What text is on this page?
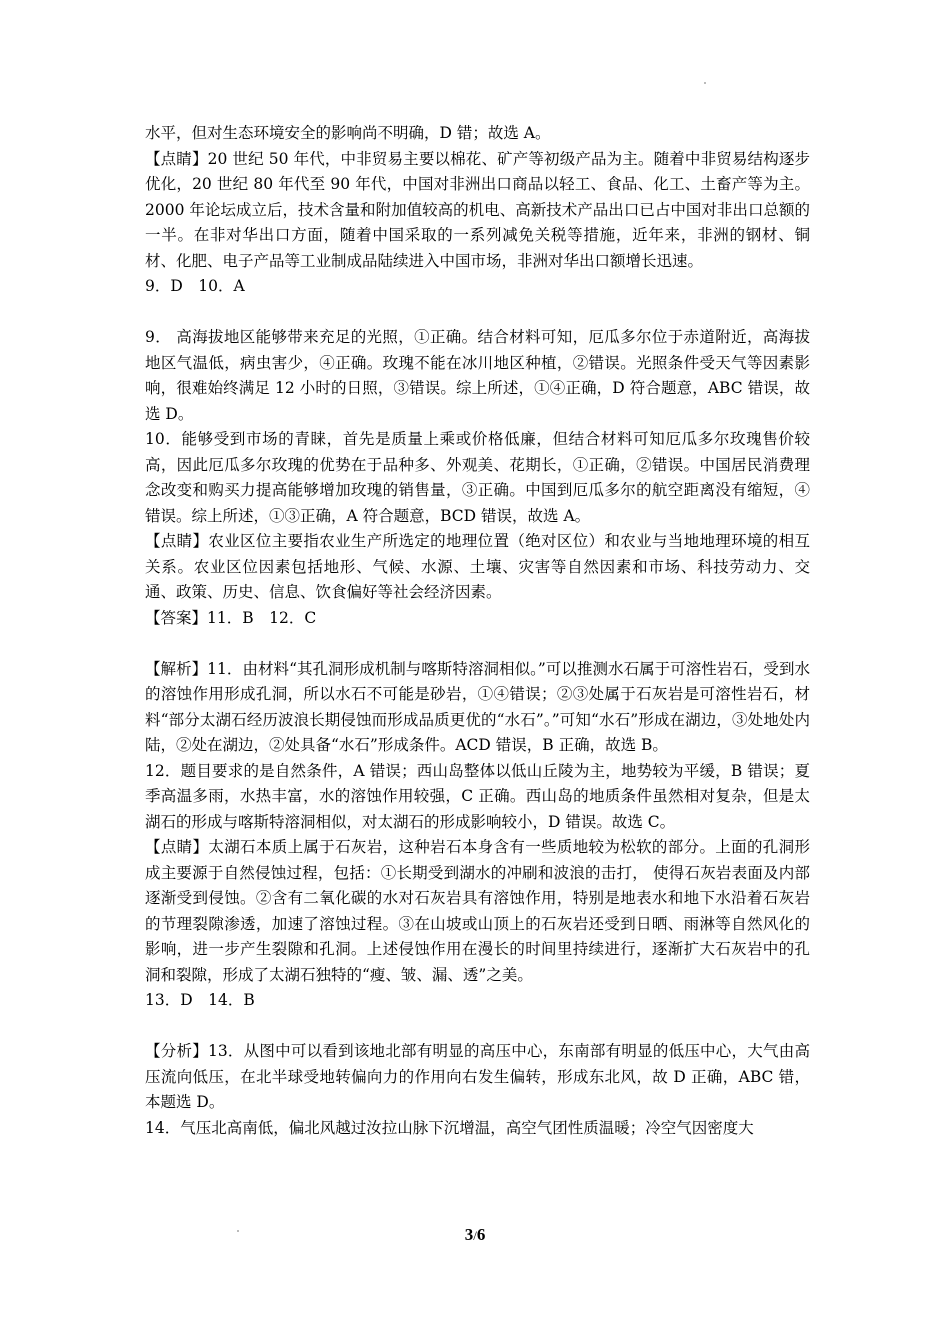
水平，但对生态环境安全的影响尚不明确，D 错；故选 A。

【点睛】20 世纪 50 年代，中非贸易主要以棉花、矿产等初级产品为主。随着中非贸易结构逐步优化，20 世纪 80 年代至 90 年代，中国对非洲出口商品以轻工、食品、化工、土畜产等为主。2000 年论坛成立后，技术含量和附加值较高的机电、高新技术产品出口已占中国对非出口总额的一半。在非对华出口方面，随着中国采取的一系列减免关税等措施，近年来，非洲的钢材、铜材、化肥、电子产品等工业制成品陆续进入中国市场，非洲对华出口额增长迅速。

9．D　10．A

9． 高海拔地区能够带来充足的光照，①正确。结合材料可知，厄瓜多尔位于赤道附近，高海拔地区气温低，病虫害少，④正确。玫瑰不能在冰川地区种植，②错误。光照条件受天气等因素影响，很难始终满足 12 小时的日照，③错误。综上所述，①④正确，D 符合题意，ABC 错误，故选 D。

10．能够受到市场的青睐，首先是质量上乘或价格低廉，但结合材料可知厄瓜多尔玫瑰售价较高，因此厄瓜多尔玫瑰的优势在于品种多、外观美、花期长，①正确，②错误。中国居民消费理念改变和购买力提高能够增加玫瑰的销售量，③正确。中国到厄瓜多尔的航空距离没有缩短，④错误。综上所述，①③正确，A 符合题意，BCD 错误，故选 A。

【点睛】农业区位主要指农业生产所选定的地理位置（绝对区位）和农业与当地地理环境的相互关系。农业区位因素包括地形、气候、水源、土壤、灾害等自然因素和市场、科技劳动力、交通、政策、历史、信息、饮食偏好等社会经济因素。

【答案】11．B　12．C

【解析】11．由材料“其孔洞形成机制与喀斯特溶洞相似。”可以推测水石属于可溶性岩石，受到水的溶蚀作用形成孔洞，所以水石不可能是砂岩，①④错误；②③处属于石灰岩是可溶性岩石，材料“部分太湖石经历波浪长期侵蚀而形成品质更优的“水石”。”可知“水石”形成在湖边，③处地处内陆，②处在湖边，②处具备“水石”形成条件。ACD 错误，B 正确，故选 B。

12．题目要求的是自然条件，A 错误；西山岛整体以低山丘陵为主，地势较为平缓，B 错误；夏季高温多雨，水热丰富，水的溶蚀作用较强，C 正确。西山岛的地质条件虽然相对复杂，但是太湖石的形成与喀斯特溶洞相似，对太湖石的形成影响较小，D 错误。故选 C。

【点睛】太湖石本质上属于石灰岩，这种岩石本身含有一些质地较为松软的部分。上面的孔洞形成主要源于自然侵蚀过程，包括：①长期受到湖水的冲刷和波浪的击打， 使得石灰岩表面及内部逐渐受到侵蚀。②含有二氧化碳的水对石灰岩具有溶蚀作用，特别是地表水和地下水沿着石灰岩的节理裂隙渗透，加速了溶蚀过程。③在山坡或山顶上的石灰岩还受到日晒、雨淋等自然风化的影响，进一步产生裂隙和孔洞。上述侵蚀作用在漫长的时间里持续进行，逐渐扩大石灰岩中的孔洞和裂隙，形成了太湖石独特的“瘦、皱、漏、透”之美。

13．D　14．B

【分析】13．从图中可以看到该地北部有明显的高压中心，东南部有明显的低压中心，大气由高压流向低压，在北半球受地转偏向力的作用向右发生偏转，形成东北风，故 D 正确，ABC 错，本题选 D。

14．气压北高南低，偏北风越过汝拉山脉下沉增温，高空气团性质温暖；冷空气因密度大

3/6
